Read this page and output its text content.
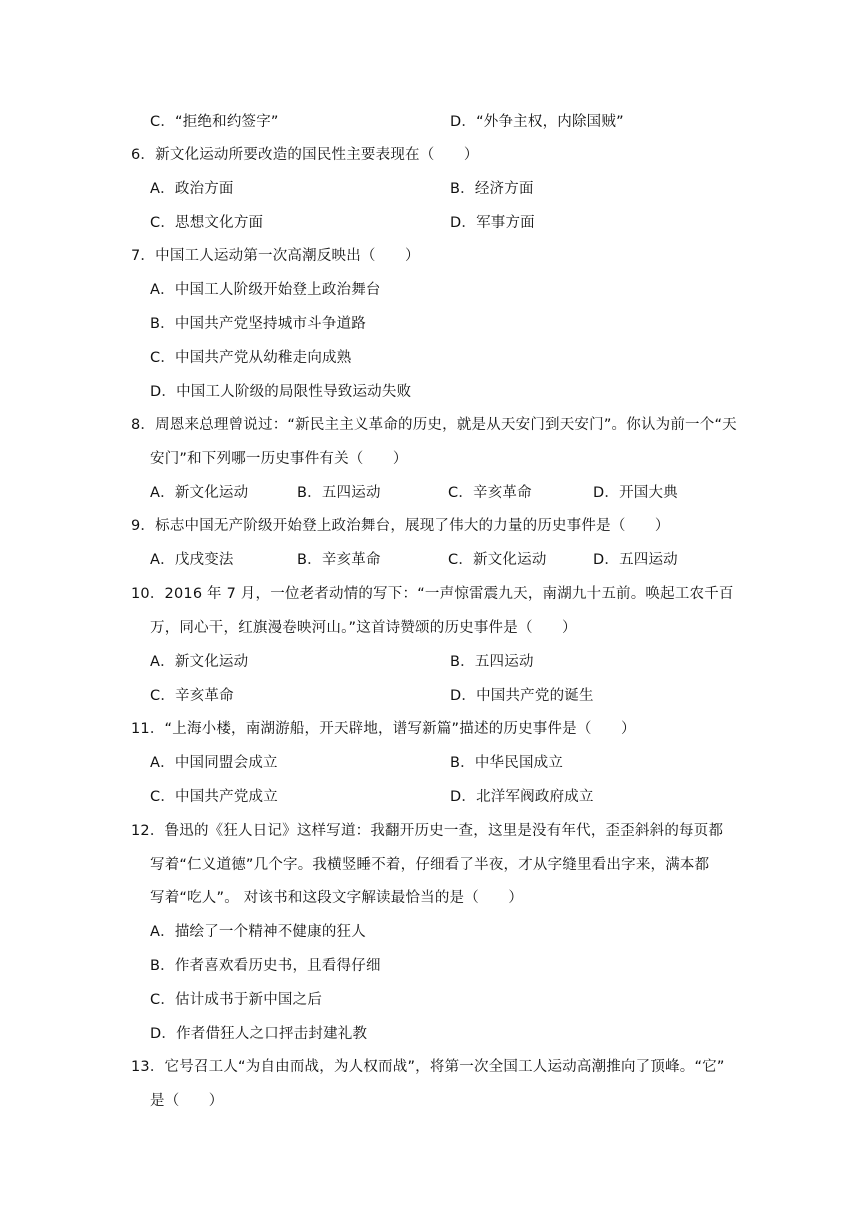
C．“拒绝和约签字”	D．“外争主权，内除国贼”
6．新文化运动所要改造的国民性主要表现在（　　）
A．政治方面	B．经济方面
C．思想文化方面	D．军事方面
7．中国工人运动第一次高潮反映出（　　）
A．中国工人阶级开始登上政治舞台
B．中国共产党坚持城市斗争道路
C．中国共产党从幼稚走向成熟
D．中国工人阶级的局限性导致运动失败
8．周恩来总理曾说过：“新民主主义革命的历史，就是从天安门到天安门”。你认为前一个“天
安门”和下列哪一历史事件有关（　　）
A．新文化运动	B．五四运动	C．辛亥革命	D．开国大典
9．标志中国无产阶级开始登上政治舞台，展现了伟大的力量的历史事件是（　　）
A．戊戌变法	B．辛亥革命	C．新文化运动	D．五四运动
10．2016 年 7 月，一位老者动情的写下：“一声惊雷震九天，南湖九十五前。唤起工农千百
万，同心干，红旗漫卷映河山。”这首诗赞颂的历史事件是（　　）
A．新文化运动	B．五四运动
C．辛亥革命	D．中国共产党的诞生
11．“上海小楼，南湖游船，开天辟地，谱写新篇”描述的历史事件是（　　）
A．中国同盟会成立	B．中华民国成立
C．中国共产党成立	D．北洋军阀政府成立
12．鲁迅的《狂人日记》这样写道：我翻开历史一查，这里是没有年代，歪歪斜斜的每页都
写着“仁义道德”几个字。我横竖睡不着，仔细看了半夜，才从字缝里看出字来，满本都
写着“吃人”。 对该书和这段文字解读最恰当的是（　　）
A．描绘了一个精神不健康的狂人
B．作者喜欢看历史书，且看得仔细
C．估计成书于新中国之后
D．作者借狂人之口抨击封建礼教
13．它号召工人“为自由而战，为人权而战”，将第一次全国工人运动高潮推向了顶峰。“它”
是（　　）
